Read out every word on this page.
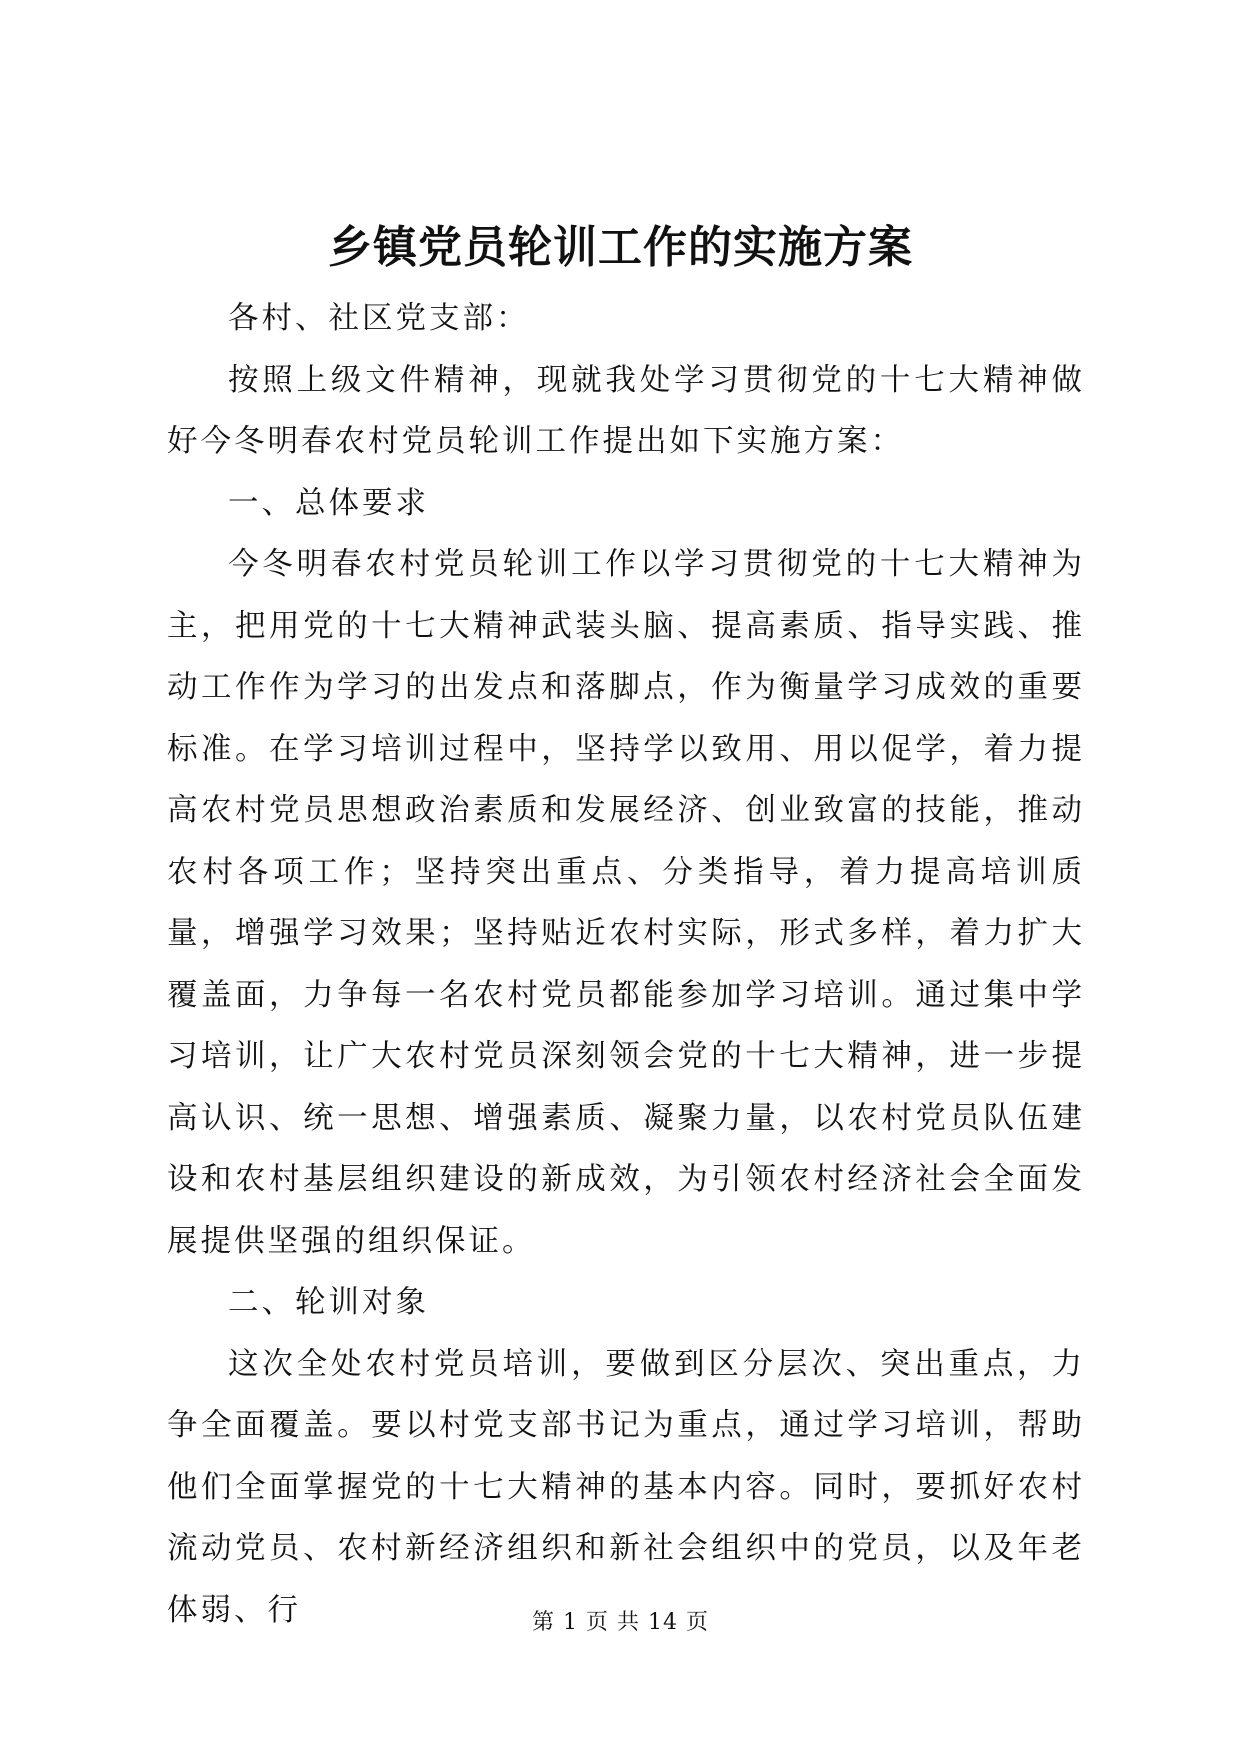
乡镇党员轮训工作的实施方案

各村、社区党支部：

按照上级文件精神，现就我处学习贯彻党的十七大精神做好今冬明春农村党员轮训工作提出如下实施方案：

一、总体要求

今冬明春农村党员轮训工作以学习贯彻党的十七大精神为主，把用党的十七大精神武装头脑、提高素质、指导实践、推动工作作为学习的出发点和落脚点，作为衡量学习成效的重要标准。在学习培训过程中，坚持学以致用、用以促学，着力提高农村党员思想政治素质和发展经济、创业致富的技能，推动农村各项工作；坚持突出重点、分类指导，着力提高培训质量，增强学习效果；坚持贴近农村实际，形式多样，着力扩大覆盖面，力争每一名农村党员都能参加学习培训。通过集中学习培训，让广大农村党员深刻领会党的十七大精神，进一步提高认识、统一思想、增强素质、凝聚力量，以农村党员队伍建设和农村基层组织建设的新成效，为引领农村经济社会全面发展提供坚强的组织保证。

二、轮训对象

这次全处农村党员培训，要做到区分层次、突出重点，力争全面覆盖。要以村党支部书记为重点，通过学习培训，帮助他们全面掌握党的十七大精神的基本内容。同时，要抓好农村流动党员、农村新经济组织和新社会组织中的党员，以及年老体弱、行	第 1 页 共 14 页
